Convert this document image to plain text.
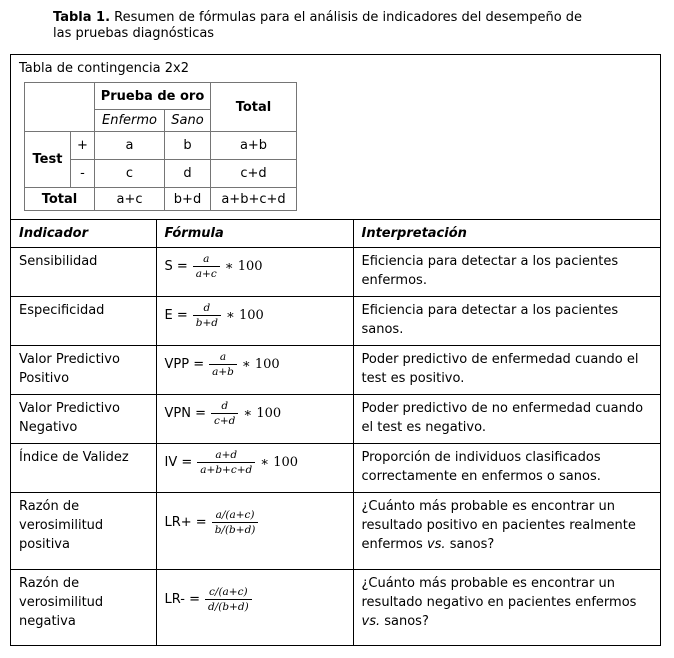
Tabla 1. Resumen de fórmulas para el análisis de indicadores del desempeño de
las pruebas diagnósticas

Tabla de contingencia 2x2

		Prueba de oro		Total
		Enfermo	Sano	
Test	+	a	b	a+b
	-	c	d	c+d
Total		a+c	b+d	a+b+c+d
Indicador	Fórmula	Interpretación
Sensibilidad	$S = \frac{a}{a+c}$ ∗ 100	Eficiencia para detectar a los pacientes enfermos.
Especificidad	$E = \frac{d}{b+d}$ ∗ 100	Eficiencia para detectar a los pacientes sanos.
Valor Predictivo Positivo	VPP = $\frac{a}{a+b}$ ∗ 100	Poder predictivo de enfermedad cuando el test es positivo.
Valor Predictivo Negativo	VPN = $\frac{d}{c+d}$ ∗ 100	Poder predictivo de no enfermedad cuando el test es negativo.
Índice de Validez	IV = $\frac{a+d}{a+b+c+d}$ ∗ 100	Proporción de individuos clasificados correctamente en enfermos o sanos.
Razón de verosimilitud positiva	$LR+ = \frac{a/(a+c)}{b/(b+d)}$	¿Cuánto más probable es encontrar un resultado positivo en pacientes realmente enfermos vs. sanos?
Razón de verosimilitud negativa	$LR- = \frac{c/(a+c)}{d/(b+d)}$	¿Cuánto más probable es encontrar un resultado negativo en pacientes enfermos vs. sanos?
